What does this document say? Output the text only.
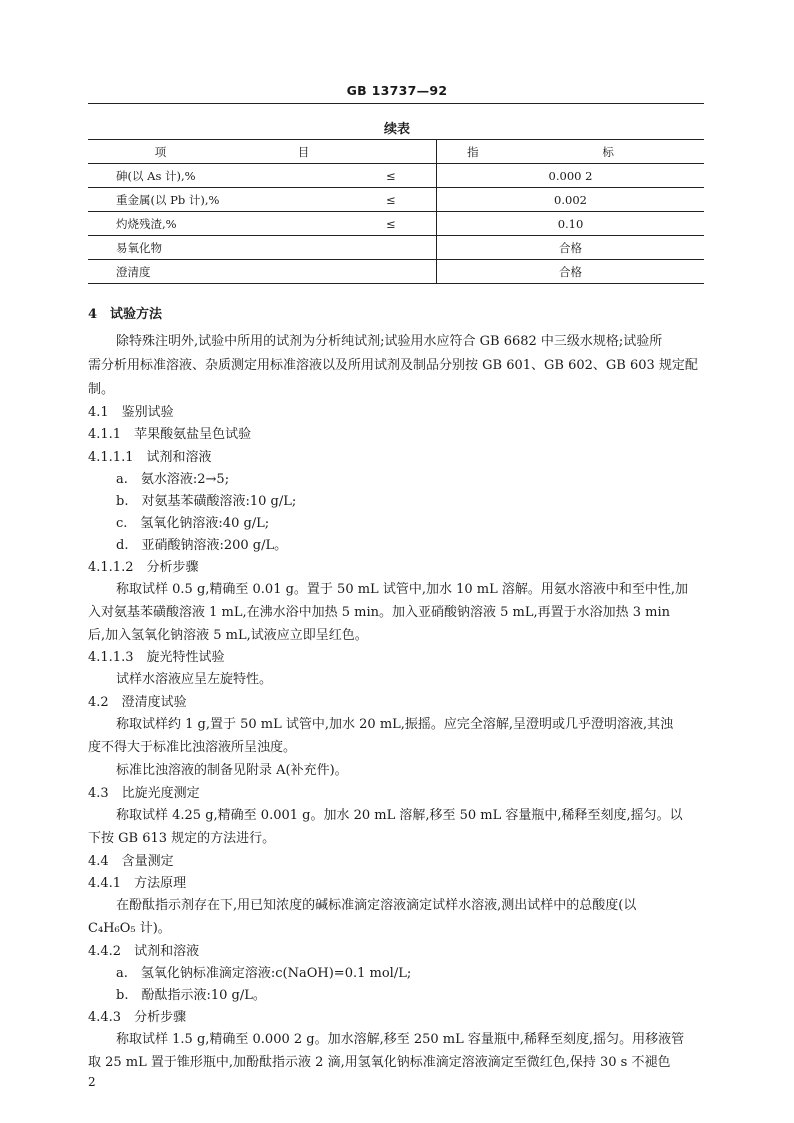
GB 13737—92
续表
项　目		指 标
砷(以 As 计),%	≤		0.000 2
重金属(以 Pb 计),%	≤		0.002
灼烧残渣,%	≤		0.10
易氧化物			合格
澄清度			合格
4　试验方法
除特殊注明外,试验中所用的试剂为分析纯试剂;试验用水应符合 GB 6682 中三级水规格;试验所
需分析用标准溶液、杂质测定用标准溶液以及所用试剂及制品分别按 GB 601、GB 602、GB 603 规定配
制。
4.1　鉴别试验
4.1.1　苹果酸氨盐呈色试验
4.1.1.1　试剂和溶液
a.　氨水溶液:2→5;
b.　对氨基苯磺酸溶液:10 g/L;
c.　氢氧化钠溶液:40 g/L;
d.　亚硝酸钠溶液:200 g/L。
4.1.1.2　分析步骤
称取试样 0.5 g,精确至 0.01 g。置于 50 mL 试管中,加水 10 mL 溶解。用氨水溶液中和至中性,加
入对氨基苯磺酸溶液 1 mL,在沸水浴中加热 5 min。加入亚硝酸钠溶液 5 mL,再置于水浴加热 3 min
后,加入氢氧化钠溶液 5 mL,试液应立即呈红色。
4.1.1.3　旋光特性试验
试样水溶液应呈左旋特性。
4.2　澄清度试验
称取试样约 1 g,置于 50 mL 试管中,加水 20 mL,振摇。应完全溶解,呈澄明或几乎澄明溶液,其浊
度不得大于标准比浊溶液所呈浊度。
标准比浊溶液的制备见附录 A(补充件)。
4.3　比旋光度测定
称取试样 4.25 g,精确至 0.001 g。加水 20 mL 溶解,移至 50 mL 容量瓶中,稀释至刻度,摇匀。以
下按 GB 613 规定的方法进行。
4.4　含量测定
4.4.1　方法原理
在酚酞指示剂存在下,用已知浓度的碱标准滴定溶液滴定试样水溶液,测出试样中的总酸度(以
C₄H₆O₅ 计)。
4.4.2　试剂和溶液
a.　氢氧化钠标准滴定溶液:c(NaOH)=0.1 mol/L;
b.　酚酞指示液:10 g/L。
4.4.3　分析步骤
称取试样 1.5 g,精确至 0.000 2 g。加水溶解,移至 250 mL 容量瓶中,稀释至刻度,摇匀。用移液管
取 25 mL 置于锥形瓶中,加酚酞指示液 2 滴,用氢氧化钠标准滴定溶液滴定至微红色,保持 30 s 不褪色
2
